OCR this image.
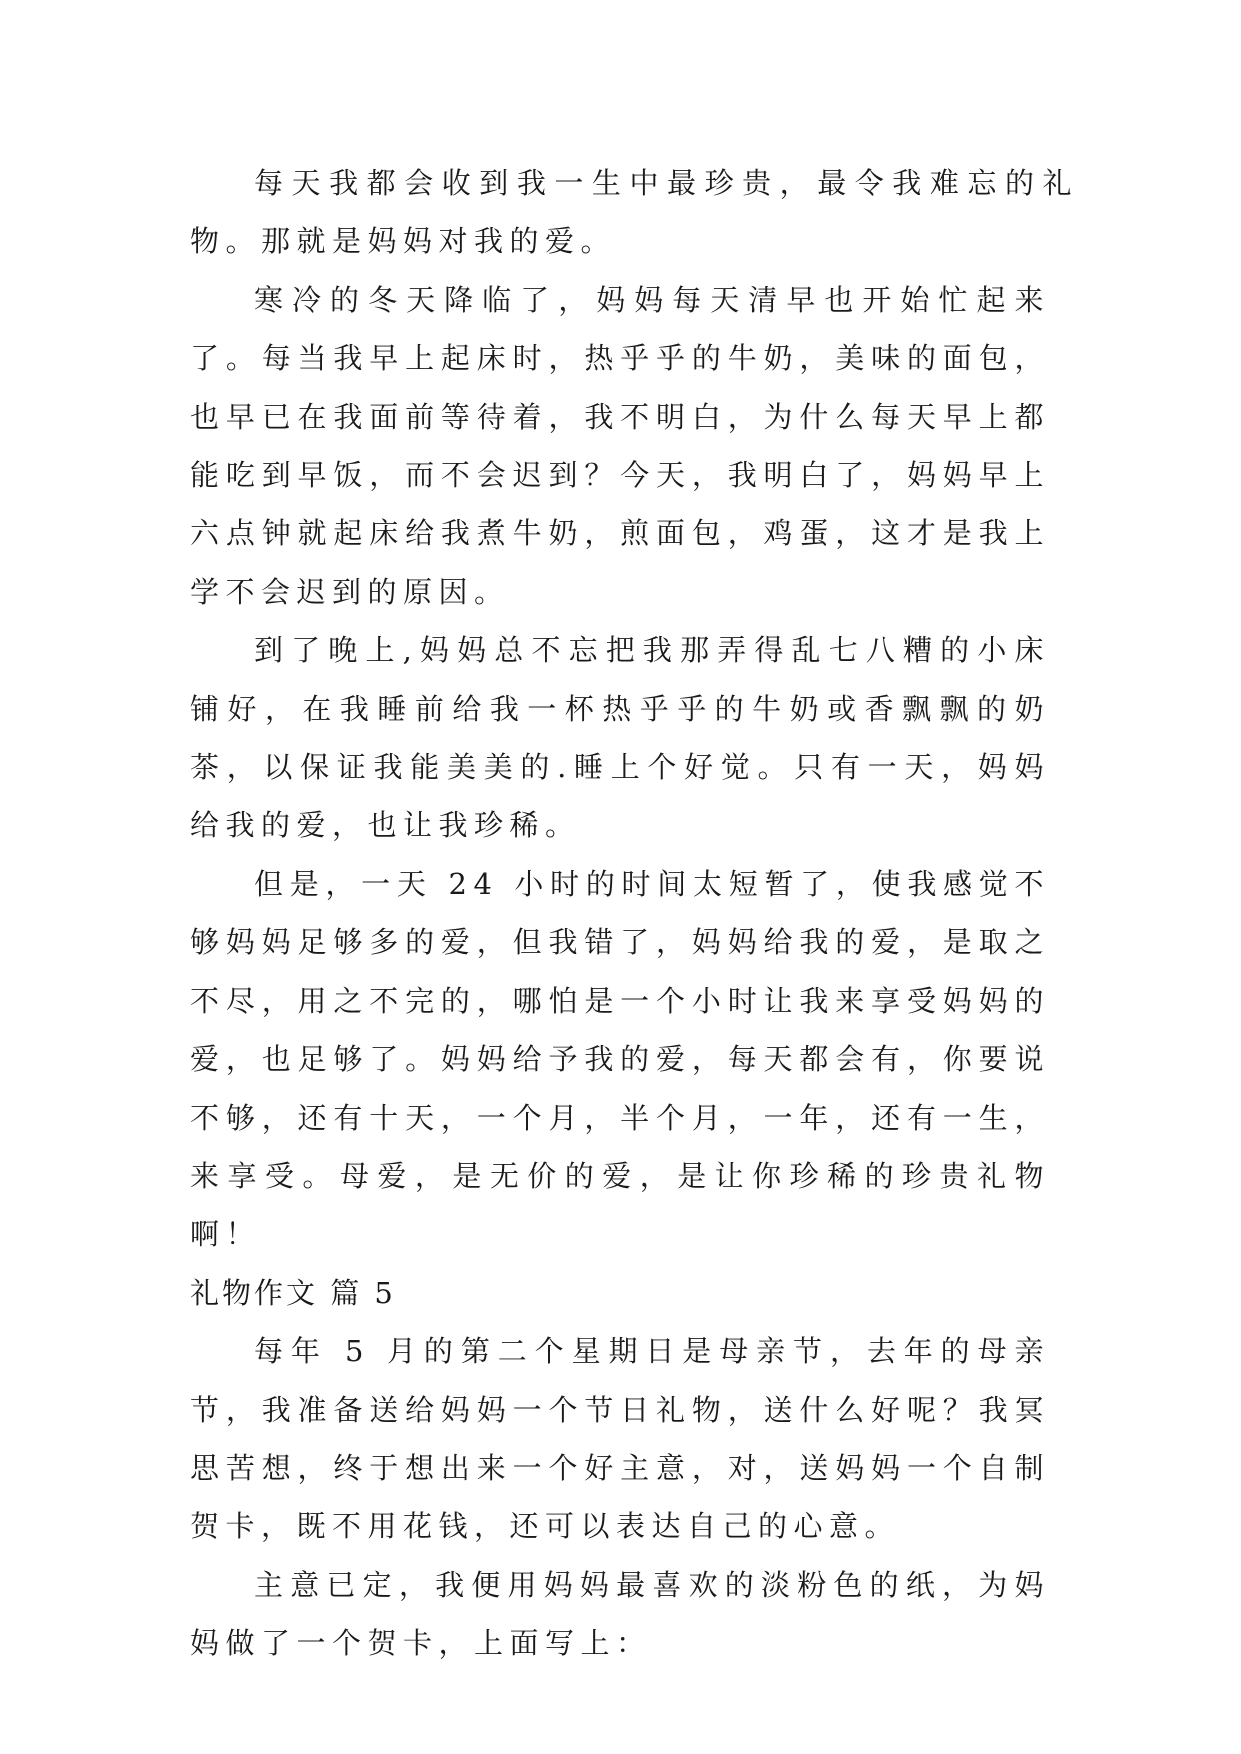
每天我都会收到我一生中最珍贵，最令我难忘的礼物。那就是妈妈对我的爱。

寒冷的冬天降临了，妈妈每天清早也开始忙起来了。每当我早上起床时，热乎乎的牛奶，美味的面包，也早已在我面前等待着，我不明白，为什么每天早上都能吃到早饭，而不会迟到？今天，我明白了，妈妈早上六点钟就起床给我煮牛奶，煎面包，鸡蛋，这才是我上学不会迟到的原因。

到了晚上,妈妈总不忘把我那弄得乱七八糟的小床铺好，在我睡前给我一杯热乎乎的牛奶或香飘飘的奶茶，以保证我能美美的.睡上个好觉。只有一天，妈妈给我的爱，也让我珍稀。

但是，一天 24 小时的时间太短暂了，使我感觉不够妈妈足够多的爱，但我错了，妈妈给我的爱，是取之不尽，用之不完的，哪怕是一个小时让我来享受妈妈的爱，也足够了。妈妈给予我的爱，每天都会有，你要说不够，还有十天，一个月，半个月，一年，还有一生，来享受。母爱，是无价的爱，是让你珍稀的珍贵礼物啊！

礼物作文 篇 5

每年 5 月的第二个星期日是母亲节，去年的母亲节，我准备送给妈妈一个节日礼物，送什么好呢？我冥思苦想，终于想出来一个好主意，对，送妈妈一个自制贺卡，既不用花钱，还可以表达自己的心意。

主意已定，我便用妈妈最喜欢的淡粉色的纸，为妈妈做了一个贺卡，上面写上：
